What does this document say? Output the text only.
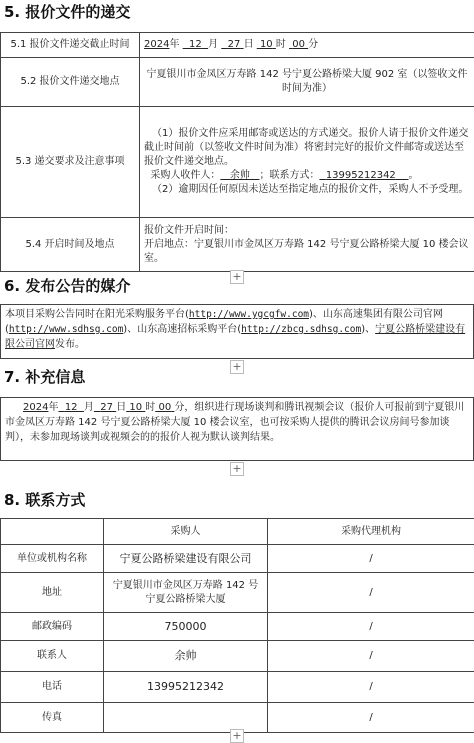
5. 报价文件的递交
5.1 报价文件递交截止时间	2024年 12 月 27 日 10 时 00 分
5.2 报价文件递交地点	宁夏银川市金凤区万寿路 142 号宁夏公路桥梁大厦 902 室（以签收文件时间为准）
5.3 递交要求及注意事项	（1）报价文件应采用邮寄或送达的方式递交。报价人请于报价文件递交截止时间前（以签收文件时间为准）将密封完好的报价文件邮寄或送达至报价文件递交地点。
采购人收件人： 余帅 ；联系方式： 13995212342 。
（2）逾期因任何原因未送达至指定地点的报价文件，采购人不予受理。

5.4 开启时间及地点	报价文件开启时间：
开启地点：宁夏银川市金凤区万寿路 142 号宁夏公路桥梁大厦 10 楼会议室。
+
6. 发布公告的媒介
本项目采购公告同时在阳光采购服务平台(http://www.ygcgfw.com)、山东高速集团有限公司官网(http://www.sdhsg.com)、山东高速招标采购平台(http://zbcg.sdhsg.com)、宁夏公路桥梁建设有限公司官网发布。
+
7. 补充信息
2024年 12 月 27 日 10 时 00 分，组织进行现场谈判和腾讯视频会议（报价人可报前到宁夏银川市金凤区万寿路 142 号宁夏公路桥梁大厦 10 楼会议室，也可按采购人提供的腾讯会议房间号参加谈判），未参加现场谈判或视频会的的报价人视为默认谈判结果。
+
8. 联系方式
	采购人	采购代理机构
单位或机构名称	宁夏公路桥梁建设有限公司	/
地址	宁夏银川市金凤区万寿路 142 号宁夏公路桥梁大厦	/
邮政编码	750000	/
联系人	余帅	/
电话	13995212342	/
传真		/
+
